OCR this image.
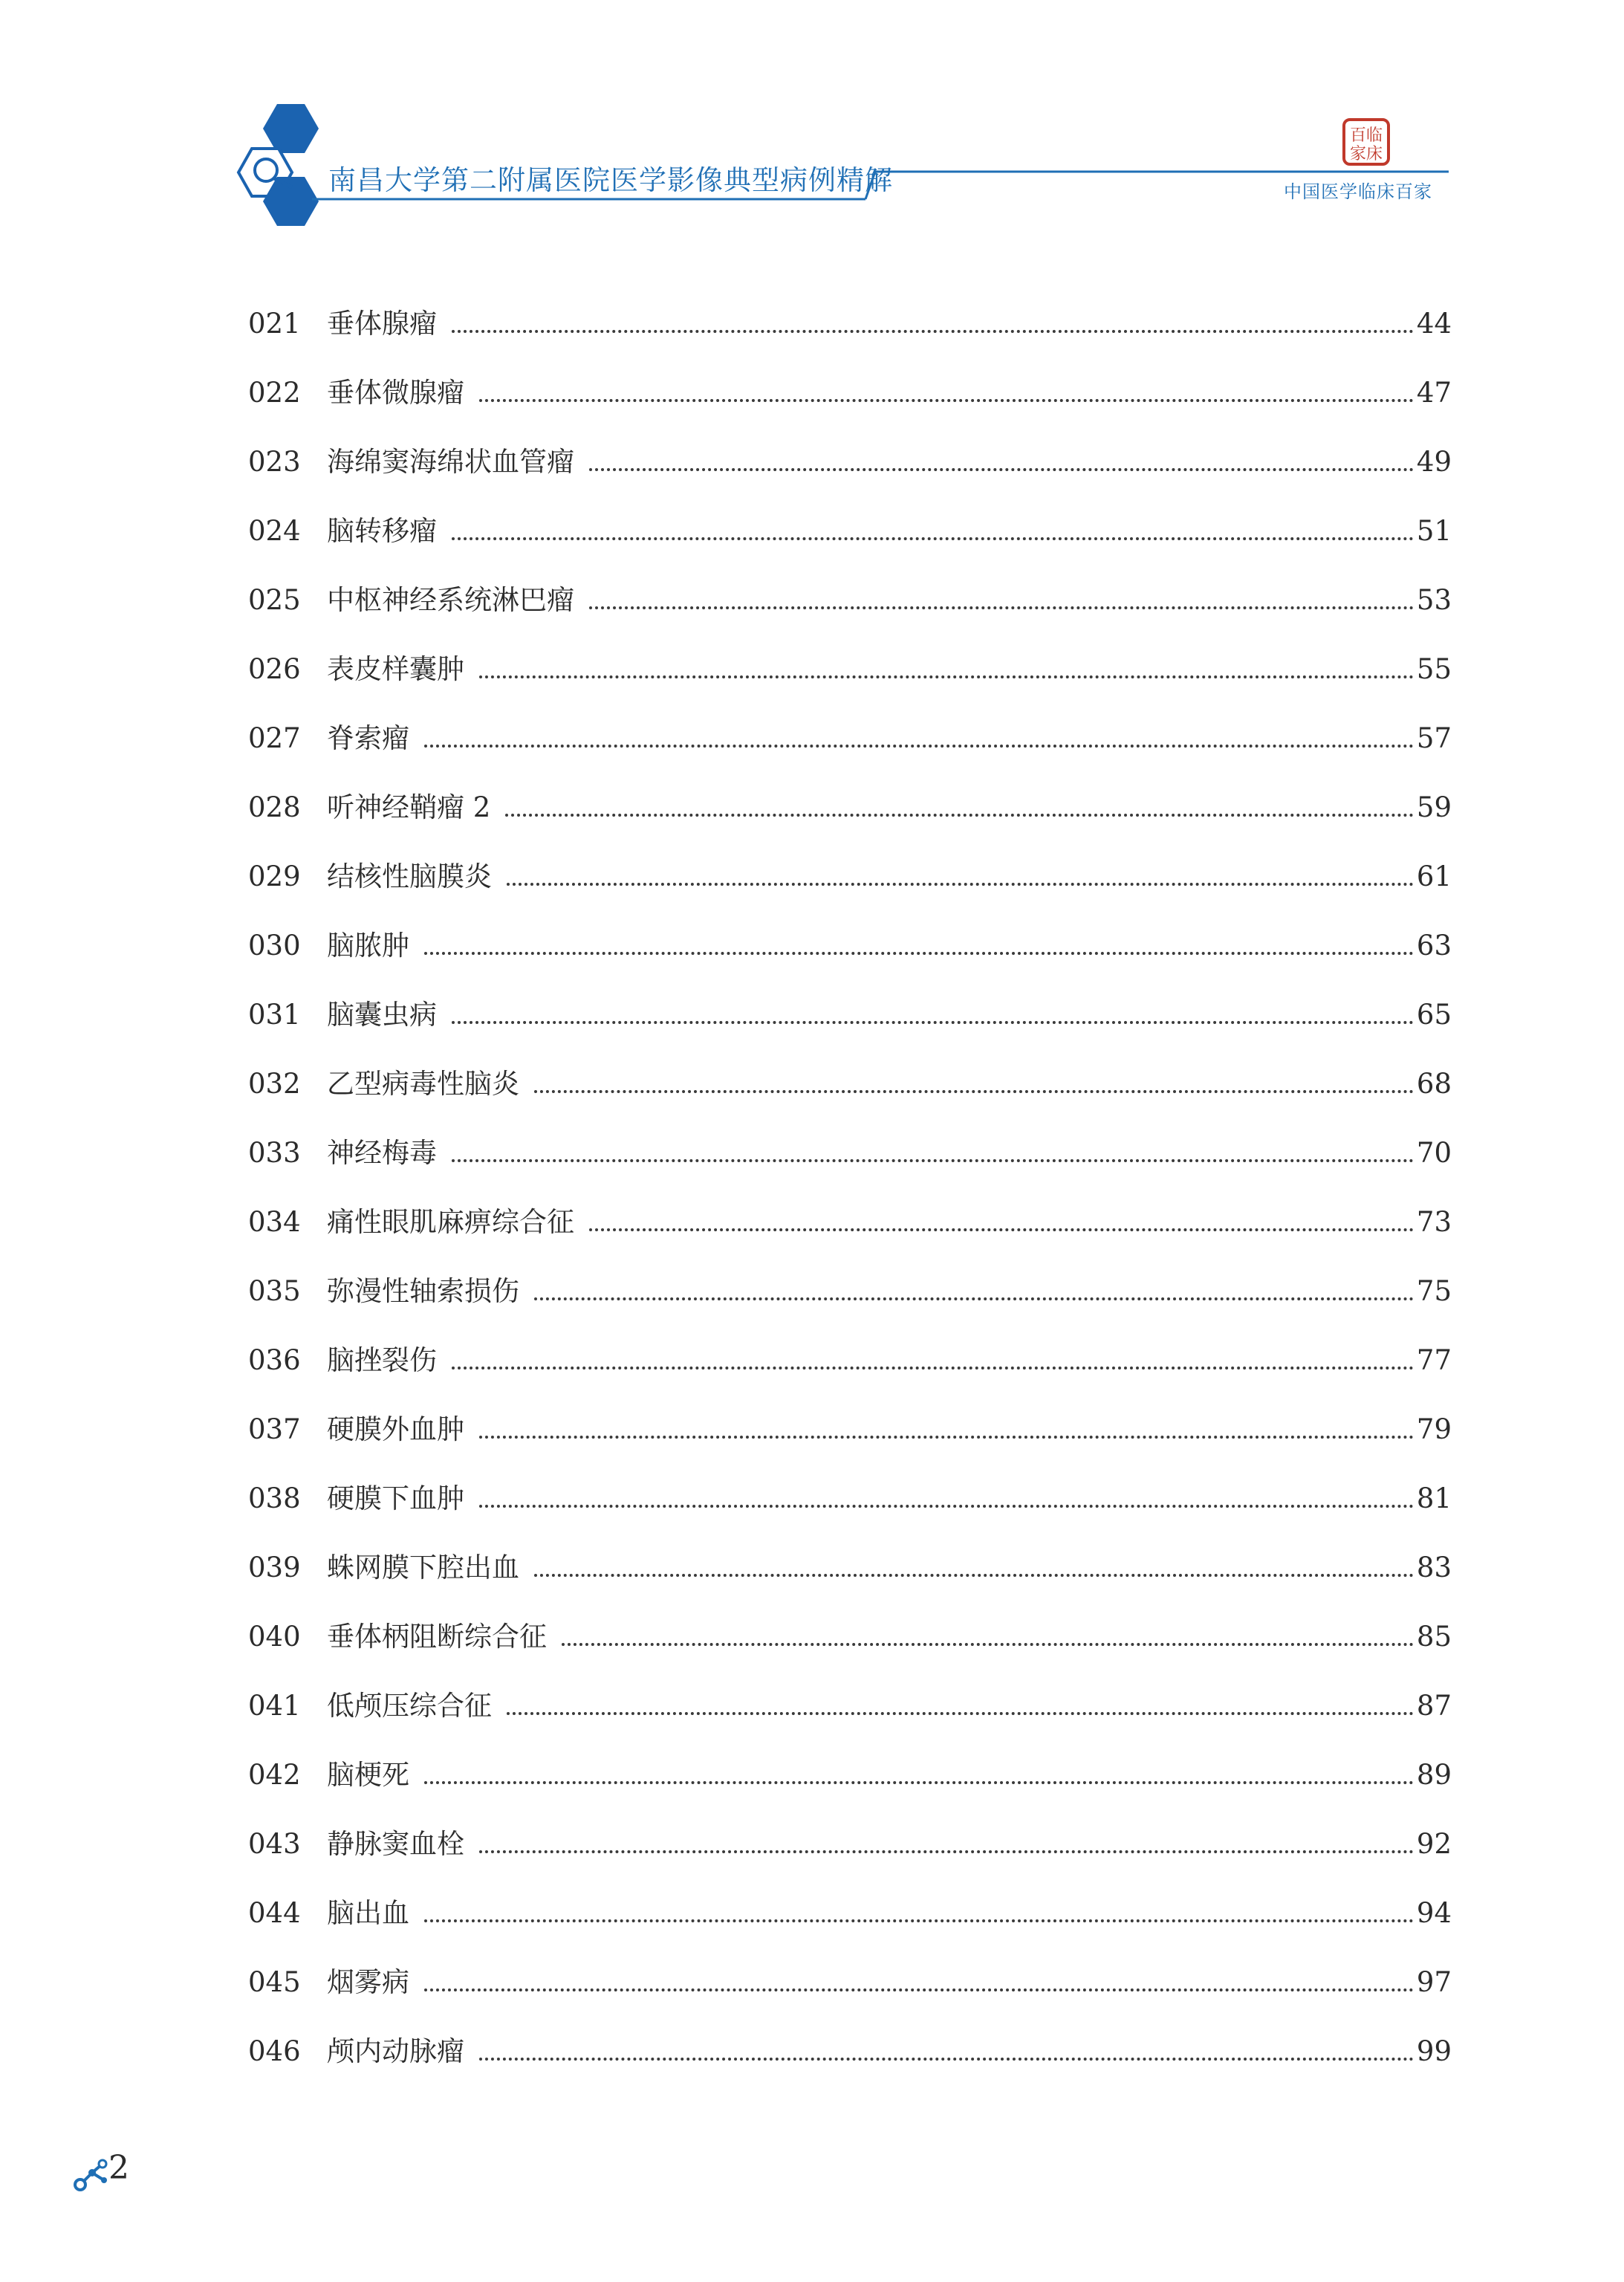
南昌大学第二附属医院医学影像典型病例精解	中国医学临床百家
百临
家床
021 垂体腺瘤	44
022 垂体微腺瘤	47
023 海绵窦海绵状血管瘤	49
024 脑转移瘤	51
025 中枢神经系统淋巴瘤	53
026 表皮样囊肿	55
027 脊索瘤	57
028 听神经鞘瘤 2	59
029 结核性脑膜炎	61
030 脑脓肿	63
031 脑囊虫病	65
032 乙型病毒性脑炎	68
033 神经梅毒	70
034 痛性眼肌麻痹综合征	73
035 弥漫性轴索损伤	75
036 脑挫裂伤	77
037 硬膜外血肿	79
038 硬膜下血肿	81
039 蛛网膜下腔出血	83
040 垂体柄阻断综合征	85
041 低颅压综合征	87
042 脑梗死	89
043 静脉窦血栓	92
044 脑出血	94
045 烟雾病	97
046 颅内动脉瘤	99
2
